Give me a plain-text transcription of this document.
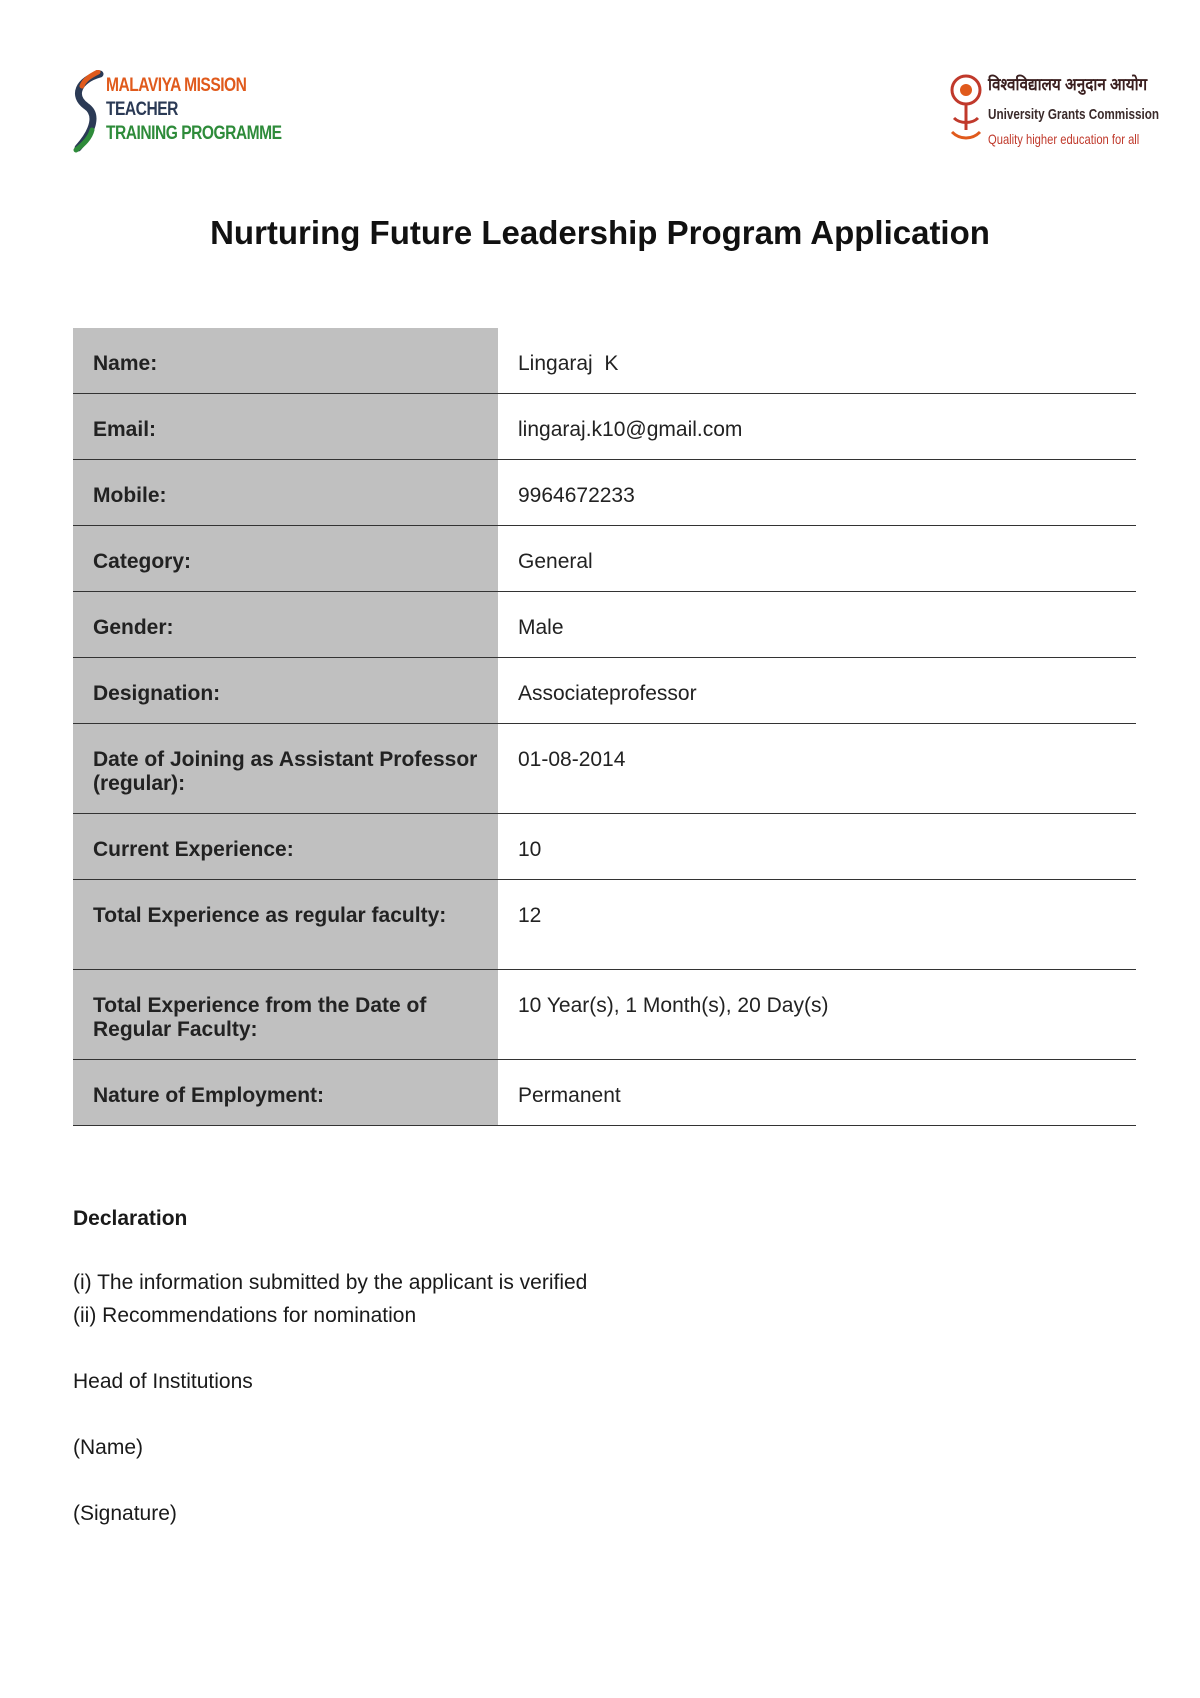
MALAVIYA MISSION
TEACHER
TRAINING PROGRAMME
विश्वविद्यालय अनुदान आयोग
University Grants Commission
Quality higher education for all
Nurturing Future Leadership Program Application
Name:	Lingaraj  K
Email:	lingaraj.k10@gmail.com
Mobile:	9964672233
Category:	General
Gender:	Male
Designation:	Associateprofessor
Date of Joining as Assistant Professor (regular):	01-08-2014
Current Experience:	10
Total Experience as regular faculty:	12
Total Experience from the Date of Regular Faculty:	10 Year(s), 1 Month(s), 20 Day(s)
Nature of Employment:	Permanent
Declaration
(i) The information submitted by the applicant is verified
(ii) Recommendations for nomination
Head of Institutions
(Name)
(Signature)
